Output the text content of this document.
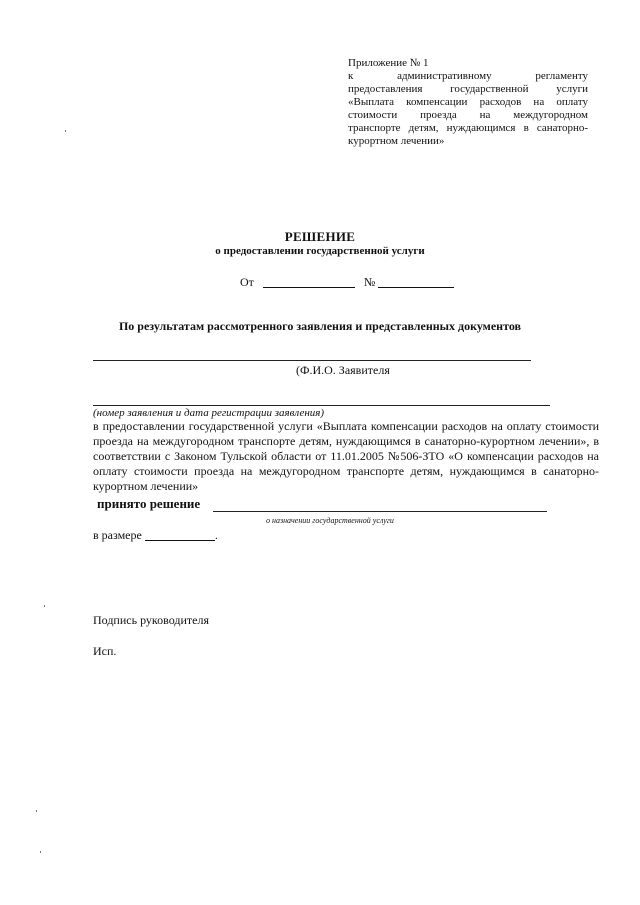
Приложение № 1
к административному регламенту
предоставления государственной услуги
«Выплата компенсации расходов на оплату
стоимости проезда на междугородном
транспорте детям, нуждающимся в санаторно-
курортном лечении»
РЕШЕНИЕ
о предоставлении государственной услуги
От	№
По результатам рассмотренного заявления и представленных документов
(Ф.И.О. Заявителя
(номер заявления и дата регистрации заявления)
в предоставлении государственной услуги «Выплата компенсации расходов на оплату стоимости проезда на междугородном транспорте детям, нуждающимся в санаторно-курортном лечении», в соответствии с Законом Тульской области от 11.01.2005 №506-ЗТО «О компенсации расходов на оплату стоимости проезда на междугородном транспорте детям, нуждающимся в санаторно-курортном лечении»
принято решение
о назначении государственной услуги
в размере	.
Подпись руководителя
Исп.
